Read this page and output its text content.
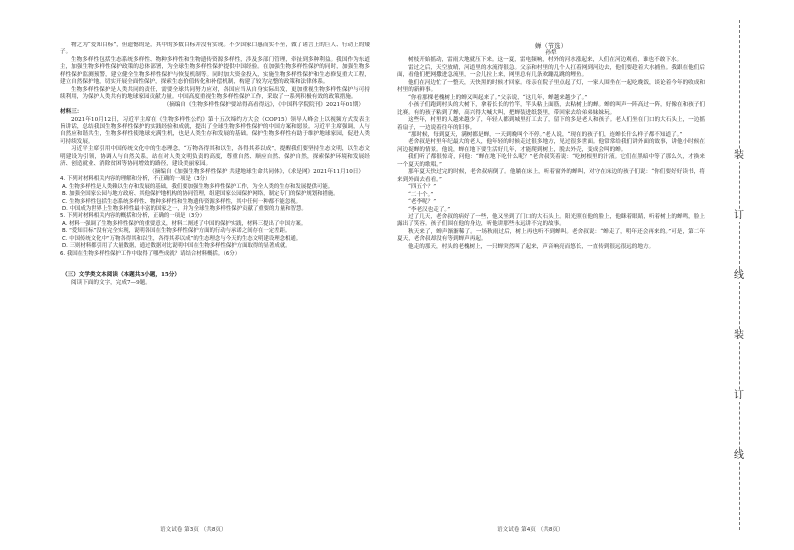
物之为“爱知目标”，但遗憾的是，其中的多数目标并没有实现。不少国家口惠而实不至，做了诸言上的巨人、行动上的矮子。

生物多样性包括生态系统多样性、物种多样性和生物遗传资源多样性，涉及多部门管理，牵扯到多种利益。我国作为东道主，加强生物多样性保护政策的总体部署，为全球生物多样性保护提供中国经验。在加强生物多样性保护的同时，加强生物多样性保护监测预警，建立健全生物多样性保护与恢复机制等。同时加大资金投入，实施生物多样性保护和生态修复重大工程，建立自然保护地，切实开展全面性保护，探索生态价值转化和补偿机制，构建了较为完整的政策和法律体系。

生物多样性保护是人类共同的责任，需要全球共同努力应对，各国应当从自身实际出发，更加重视生物多样性保护与可持续利用，为保护人类共有的地球家园贡献力量。中国高度重视生物多样性保护工作，采取了一系列积极有效的政策措施。

（摘编自《生物多样性保护要站得高看得远》，《中国科学院院刊》2021年01期）

材料三：

2021年10月12日，习近平主席在《生物多样性公约》第十五次缔约方大会（COP15）领导人峰会上以视频方式发表主旨讲话，总结我国生物多样性保护的实践经验和成就，提出了全球生物多样性保护的中国方案和愿景。习近平主席强调，人与自然应和谐共生，生物多样性使地球充满生机，也是人类生存和发展的基础。保护生物多样性有助于维护地球家园，促进人类可持续发展。

习近平主席引用中国传统文化中的生态理念，“万物各得其和以生，各得其养以成”，提醒我们要坚持生态文明，以生态文明建设为引领，协调人与自然关系，站在对人类文明负责的高度，尊重自然、顺应自然、保护自然，探索保护环境和发展经济、创造就业、消除贫困等协同增效的路径，建设美丽家园。

（摘编自《加强生物多样性保护 共建地球生命共同体》，《求是网》2021年11月10日）

4. 下列对材料相关内容的理解和分析，不正确的一项是（3分）

A. 生物多样性是人类赖以生存和发展的基础，我们要加强生物多样性保护工作，为全人类的生存和发展提供可能。

B. 加强全国家公园与地方政府、其他保护地机构的协同管理，组建国家公园保护网络，制定专门的保护规划和措施。

C. 生物多样性包括生态系统多样性、物种多样性和生物遗传资源多样性，其中任何一种都不能忽视。

D. 中国成为世界上生物多样性最丰富的国家之一，并为全球生物多样性保护贡献了重要的力量和智慧。

5. 下列对材料相关内容的概括和分析，正确的一项是（3分）

A. 材料一强调了生物多样性保护的重要意义，材料二阐述了中国的保护实践，材料三提出了中国方案。

B. “爱知目标”没有完全实现，说明各国在生物多样性保护方面的行动与承诺之间存在一定差距。

C. 中国传统文化中“万物各得其和以生，各得其养以成”的生态理念与今天的生态文明建设理念相通。

D. 三则材料都引用了大量数据，通过数据对比说明中国在生物多样性保护方面取得的显著成就。

6. 我国在生物多样性保护工作中取得了哪些成就？请结合材料概括。（6分）

（三）文学类文本阅读（本题共3小题，15分）

阅读下面的文字，完成7—9题。

蝉（节选）

孙犁

树枝开始摇动，雷雨大地就压下来。这一夏，雷电频响，村外的河水涨起来，人们在河边观看，谁也不敢下水。

雷过之后，天空放晴，河道里的水流得很急。父亲和村里的几个人扛着网到河边去，他们要趁着大水捕鱼。我跟在他们后面，看他们把网撒进急流里，一会儿拉上来，网里总有几条欢蹦乱跳的鲤鱼。

他们在河边忙了一整天，天快黑的时候才回家。母亲在院子里点起了灯，一家人围坐在一起吃晚饭，谈论着今年的收成和村里的新鲜事。

“你看那棵老槐树上的蝉又叫起来了。”父亲说，“这几年，蝉越来越少了。”

小孩子们跑到村头的大树下，拿着长长的竹竿，竿头粘上面筋，去粘树上的蝉。蝉的叫声一阵高过一阵，好像在和孩子们比赛。有的孩子粘到了蝉，高兴得大喊大叫，把蝉装进纸袋里，带回家去给弟弟妹妹玩。

这些年，村里的人越来越少了，年轻人都到城里打工去了，留下的多是老人和孩子。老人们坐在门口的大石头上，一边摇着扇子，一边说着往年的旧事。

“那时候，每到夏天，满树都是蝉，一天到晚叫个不停。”老人说，“现在的孩子们，连蝉长什么样子都不知道了。”

老舍叔是村里年纪最大的老人，他年轻的时候走过很多地方，见过很多世面。他常常给我们讲外面的故事，讲他小时候在河边捉蝉的情景。他说，蝉在地下要生活好几年，才能爬到树上，脱去外壳，变成会叫的蝉。

我们听了都很惊奇，问他：“蝉在地下吃什么呢？”老舍叔笑着说：“吃树根里的汁液。它们在黑暗中等了那么久，才换来一个夏天的歌唱。”

那年夏天快过完的时候，老舍叔病倒了。他躺在床上，听着窗外的蝉叫，对守在床边的孩子们说：“你们要好好读书，将来到外面去看看。”

“四五个？”

“二十个。”

“老李呢？”

“李老汉也走了。”

过了几天，老舍叔的病好了一些，他又坐到了门口的大石头上。阳光照在他的脸上，他眯着眼睛，听着树上的蝉鸣，脸上露出了笑容。孩子们围在他的身边，听他讲那些永远讲不完的故事。

秋天来了，蝉声渐渐稀了。一场秋雨过后，树上再也听不到蝉叫。老舍叔说：“蝉走了，明年还会再来的。”可是，第二年夏天，老舍叔却没有等到蝉声再起。

他走的那天，村头的老槐树上，一只蝉突然叫了起来，声音响亮而悠长，一直传到很远很远的地方。

语文试卷 第3页 （共8页）	语文试卷 第4页 （共8页）
装
订
线
装
订
线
